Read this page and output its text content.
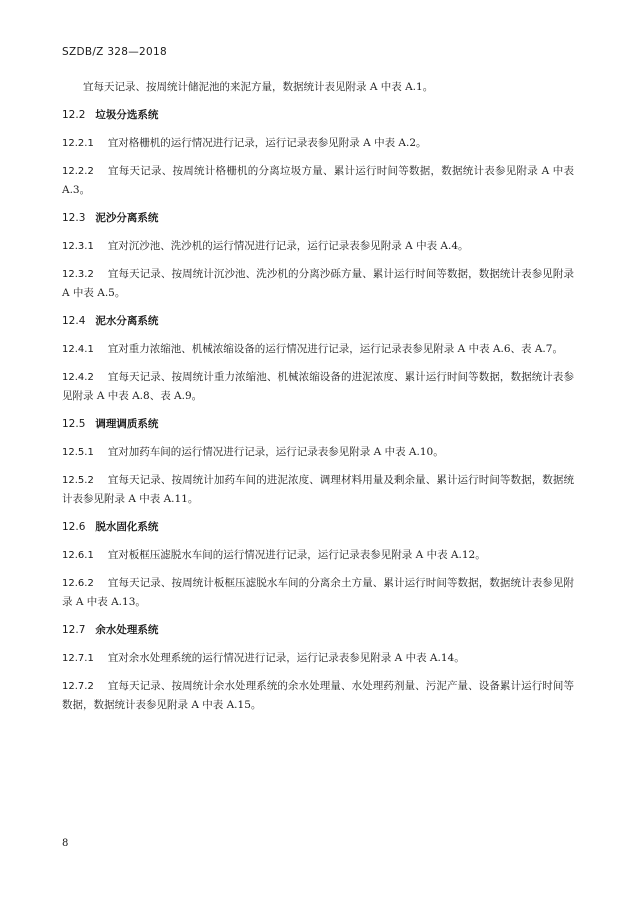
SZDB/Z 328—2018

宜每天记录、按周统计储泥池的来泥方量，数据统计表见附录 A 中表 A.1。

12.2 垃圾分选系统

12.2.1 宜对格栅机的运行情况进行记录，运行记录表参见附录 A 中表 A.2。

12.2.2 宜每天记录、按周统计格栅机的分离垃圾方量、累计运行时间等数据，数据统计表参见附录 A 中表 A.3。

12.3 泥沙分离系统

12.3.1 宜对沉沙池、洗沙机的运行情况进行记录，运行记录表参见附录 A 中表 A.4。

12.3.2 宜每天记录、按周统计沉沙池、洗沙机的分离沙砾方量、累计运行时间等数据，数据统计表参见附录 A 中表 A.5。

12.4 泥水分离系统

12.4.1 宜对重力浓缩池、机械浓缩设备的运行情况进行记录，运行记录表参见附录 A 中表 A.6、表 A.7。

12.4.2 宜每天记录、按周统计重力浓缩池、机械浓缩设备的进泥浓度、累计运行时间等数据，数据统计表参见附录 A 中表 A.8、表 A.9。

12.5 调理调质系统

12.5.1 宜对加药车间的运行情况进行记录，运行记录表参见附录 A 中表 A.10。

12.5.2 宜每天记录、按周统计加药车间的进泥浓度、调理材料用量及剩余量、累计运行时间等数据，数据统计表参见附录 A 中表 A.11。

12.6 脱水固化系统

12.6.1 宜对板框压滤脱水车间的运行情况进行记录，运行记录表参见附录 A 中表 A.12。

12.6.2 宜每天记录、按周统计板框压滤脱水车间的分离余土方量、累计运行时间等数据，数据统计表参见附录 A 中表 A.13。

12.7 余水处理系统

12.7.1 宜对余水处理系统的运行情况进行记录，运行记录表参见附录 A 中表 A.14。

12.7.2 宜每天记录、按周统计余水处理系统的余水处理量、水处理药剂量、污泥产量、设备累计运行时间等数据，数据统计表参见附录 A 中表 A.15。

8
